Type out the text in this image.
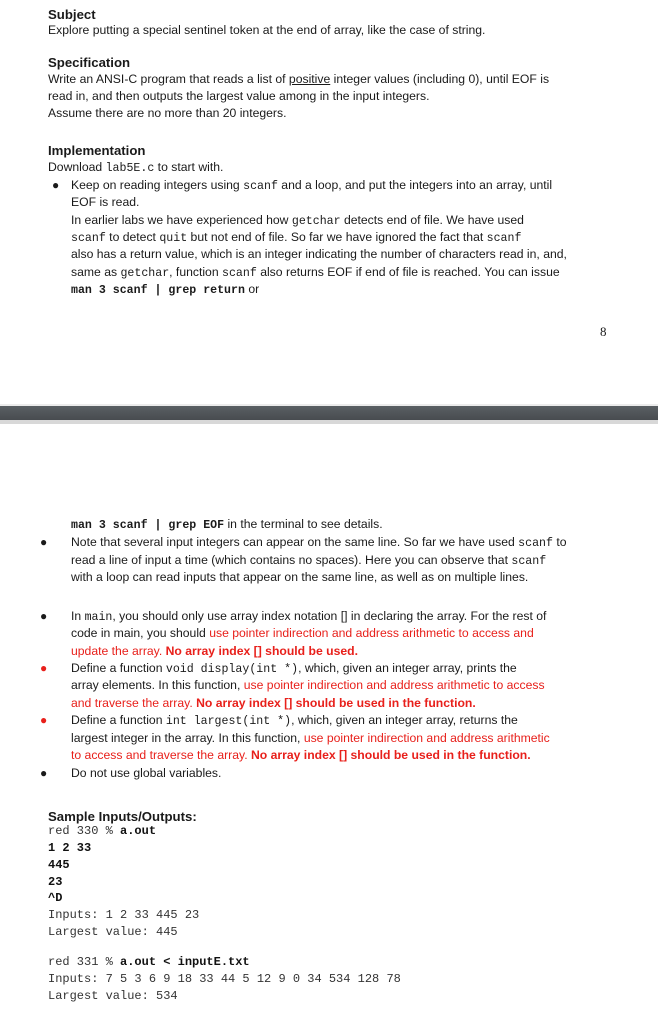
Subject
Explore putting a special sentinel token at the end of array, like the case of string.
Specification
Write an ANSI-C program that reads a list of positive integer values (including 0), until EOF is
read in, and then outputs the largest value among in the input integers.
Assume there are no more than 20 integers.
Implementation
Download lab5E.c to start with.
● Keep on reading integers using scanf and a loop, and put the integers into an array, until
EOF is read.
In earlier labs we have experienced how getchar detects end of file. We have used
scanf to detect quit but not end of file. So far we have ignored the fact that scanf
also has a return value, which is an integer indicating the number of characters read in, and,
same as getchar, function scanf also returns EOF if end of file is reached. You can issue
man 3 scanf | grep return or
8
man 3 scanf | grep EOF in the terminal to see details.
● Note that several input integers can appear on the same line. So far we have used scanf to
read a line of input a time (which contains no spaces). Here you can observe that scanf
with a loop can read inputs that appear on the same line, as well as on multiple lines.
● In main, you should only use array index notation [] in declaring the array. For the rest of
code in main, you should use pointer indirection and address arithmetic to access and
update the array. No array index [] should be used.
● Define a function void display(int *), which, given an integer array, prints the
array elements. In this function, use pointer indirection and address arithmetic to access
and traverse the array. No array index [] should be used in the function.
● Define a function int largest(int *), which, given an integer array, returns the
largest integer in the array. In this function, use pointer indirection and address arithmetic
to access and traverse the array. No array index [] should be used in the function.
● Do not use global variables.
Sample Inputs/Outputs:
red 330 % a.out
1 2 33
445
23
^D
Inputs: 1 2 33 445 23
Largest value: 445
red 331 % a.out < inputE.txt
Inputs: 7 5 3 6 9 18 33 44 5 12 9 0 34 534 128 78
Largest value: 534
